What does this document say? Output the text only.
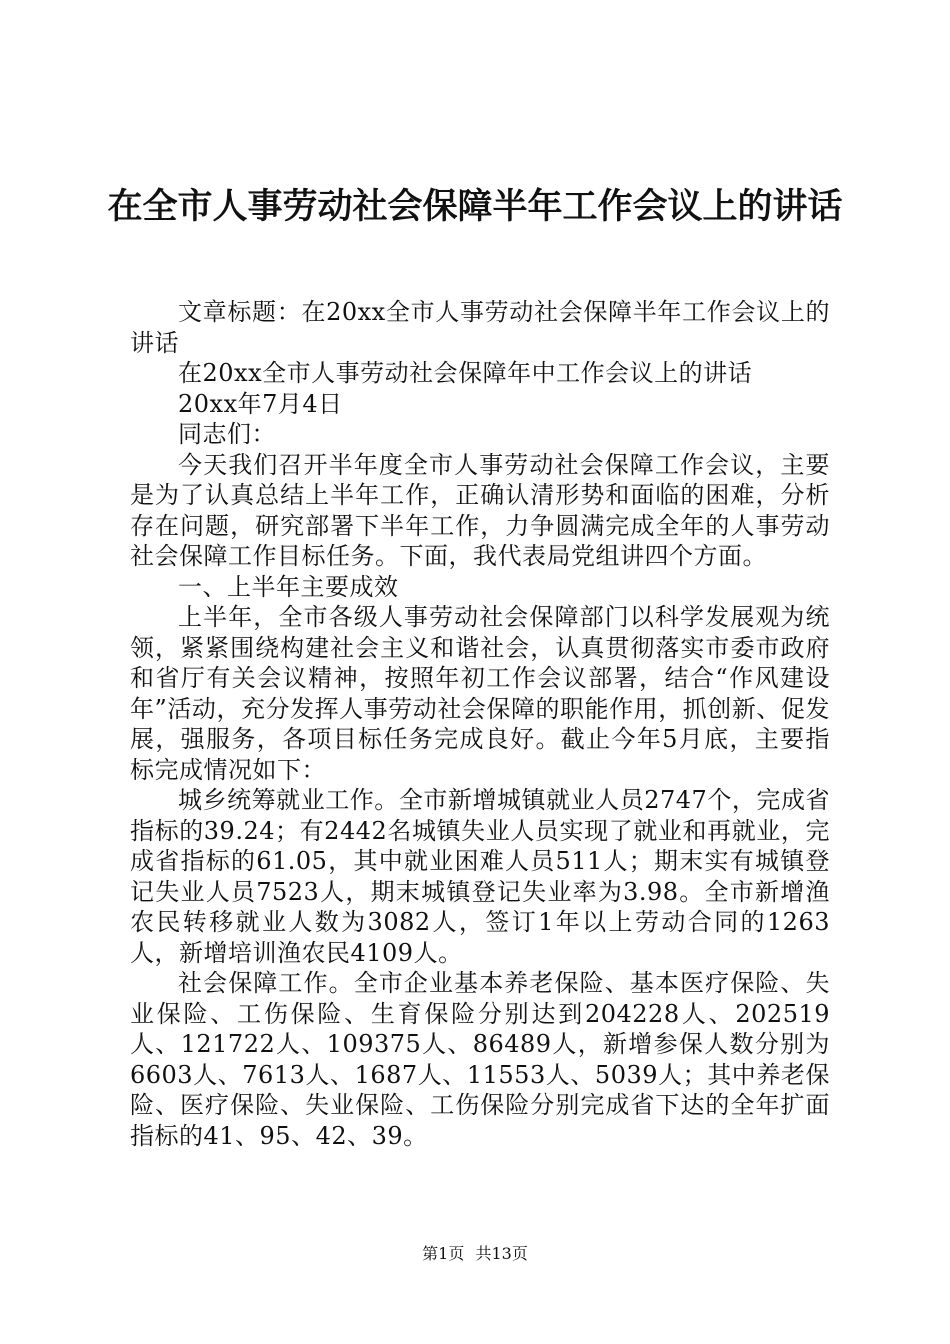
在全市人事劳动社会保障半年工作会议上的讲话

文章标题：在20xx全市人事劳动社会保障半年工作会议上的讲话

在20xx全市人事劳动社会保障年中工作会议上的讲话

20xx年7月4日

同志们：

今天我们召开半年度全市人事劳动社会保障工作会议，主要是为了认真总结上半年工作，正确认清形势和面临的困难，分析存在问题，研究部署下半年工作，力争圆满完成全年的人事劳动社会保障工作目标任务。下面，我代表局党组讲四个方面。

一、上半年主要成效

上半年，全市各级人事劳动社会保障部门以科学发展观为统领，紧紧围绕构建社会主义和谐社会，认真贯彻落实市委市政府和省厅有关会议精神，按照年初工作会议部署，结合“作风建设年”活动，充分发挥人事劳动社会保障的职能作用，抓创新、促发展，强服务，各项目标任务完成良好。截止今年5月底，主要指标完成情况如下：

城乡统筹就业工作。全市新增城镇就业人员2747个，完成省指标的39.24；有2442名城镇失业人员实现了就业和再就业，完成省指标的61.05，其中就业困难人员511人；期末实有城镇登记失业人员7523人，期末城镇登记失业率为3.98。全市新增渔农民转移就业人数为3082人，签订1年以上劳动合同的1263人，新增培训渔农民4109人。

社会保障工作。全市企业基本养老保险、基本医疗保险、失业保险、工伤保险、生育保险分别达到204228人、202519人、121722人、109375人、86489人，新增参保人数分别为6603人、7613人、1687人、11553人、5039人；其中养老保险、医疗保险、失业保险、工伤保险分别完成省下达的全年扩面指标的41、95、42、39。

第1页 共13页
